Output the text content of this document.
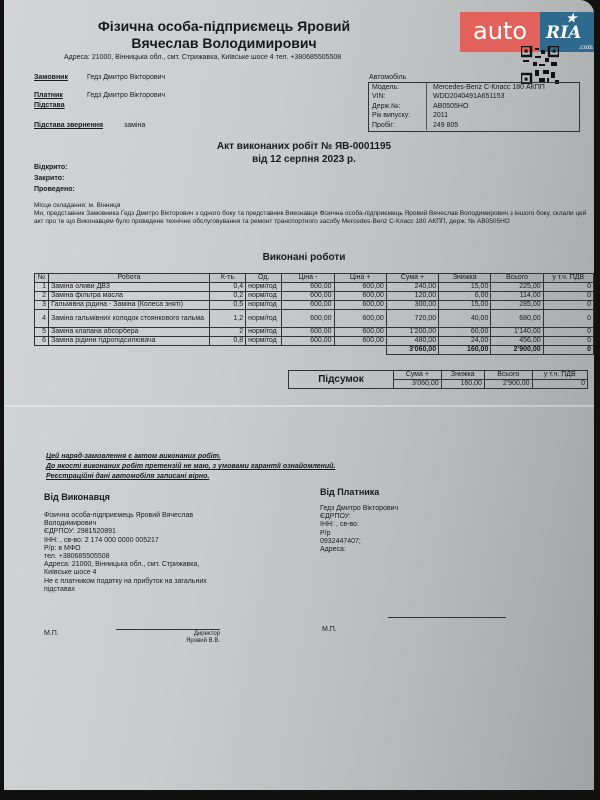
Фізична особа-підприємець Яровий Вячеслав Володимирович
Адреса: 21000, Вінницька обл., смт. Стрижавка, Київське шосе 4 тел. +380685505508
auto	★
RIA
.com
Замовник	Гедз Дмитро Вікторович
Платник	Гедз Дмитро Вікторович
Підстава
Підстава звернення	заміна
Автомобіль
Модель:	Mercedes-Benz C-Класс 180 АКПП
VIN:	WDD2040491A651153
Держ.№:	AB0505HO
Рік випуску:	2011
Пробіг:	249 805
Акт виконаних робіт № ЯВ-0001195
від 12 серпня 2023 р.
Відкрито:
Закрито:
Проведено:
Місце складання: м. Вінниця
Ми, представник Замовника Гедз Дмитро Вікторович з одного боку та представник Виконавця Фізична особа-підприємець Яровий Вячеслав Володимирович з іншого боку, склали цей акт про те що Виконавцем було проведене технічне обслуговування та ремонт транспортного засобу Mercedes-Benz C-Класс 180 АКПП, держ. № AB0505HO
Виконані роботи
№	Робота	К-ть	Од.	Ціна -	Ціна +	Сума +	Знижка	Всього	у т.ч. ПДВ
1	Заміна оливи ДВЗ	0,4	норм/год	600,00	600,00	240,00	15,00	225,00	0
2	Заміна фільтра масла	0,2	норм/год	600,00	600,00	120,00	6,00	114,00	0
3	Гальмівна рідина - Заміна (Колеса зняті)	0,5	норм/год	600,00	600,00	300,00	15,00	285,00	0
4	Заміна гальмівних колодок стоянкового гальма	1,2	норм/год	600,00	600,00	720,00	40,00	680,00	0
5	Заміна клапана абсорбера	2	норм/год	600,00	600,00	1'200,00	60,00	1'140,00	0
6	Заміна рідини гідропідсилювача	0,8	норм/год	600,00	600,00	480,00	24,00	456,00	0
						3'060,00	160,00	2'900,00	0
Підсумок	Сума +	Знижка	Всього	у т.ч. ПДВ
	3'060,00	160,00	2'900,00	0
Цей наряд-замовлення є актом виконаних робіт.
До якості виконаних робіт претензій не маю, з умовами гарантії ознайомлений.
Реєстраційні дані автомобіля записані вірно.
Від Виконавця
Фізична особа-підприємець Яровий Вячеслав
Володимирович
ЄДРПОУ: 2981520891
ІНН: , св-во: 2 174 000 0000 005217
Р/р: в МФО
тел. +380685505508
Адреса: 21000, Вінницька обл., смт. Стрижавка,
Київське шосе 4
Не є платником податку на прибуток на загальних
підставах
Від Платника
Гедз Дмитро Вікторович
ЄДРПОУ:
ІНН: , св-во:
Р/р
0932447407;
Адреса:
М.П.	Директор
Яровий В.В.
М.П.
